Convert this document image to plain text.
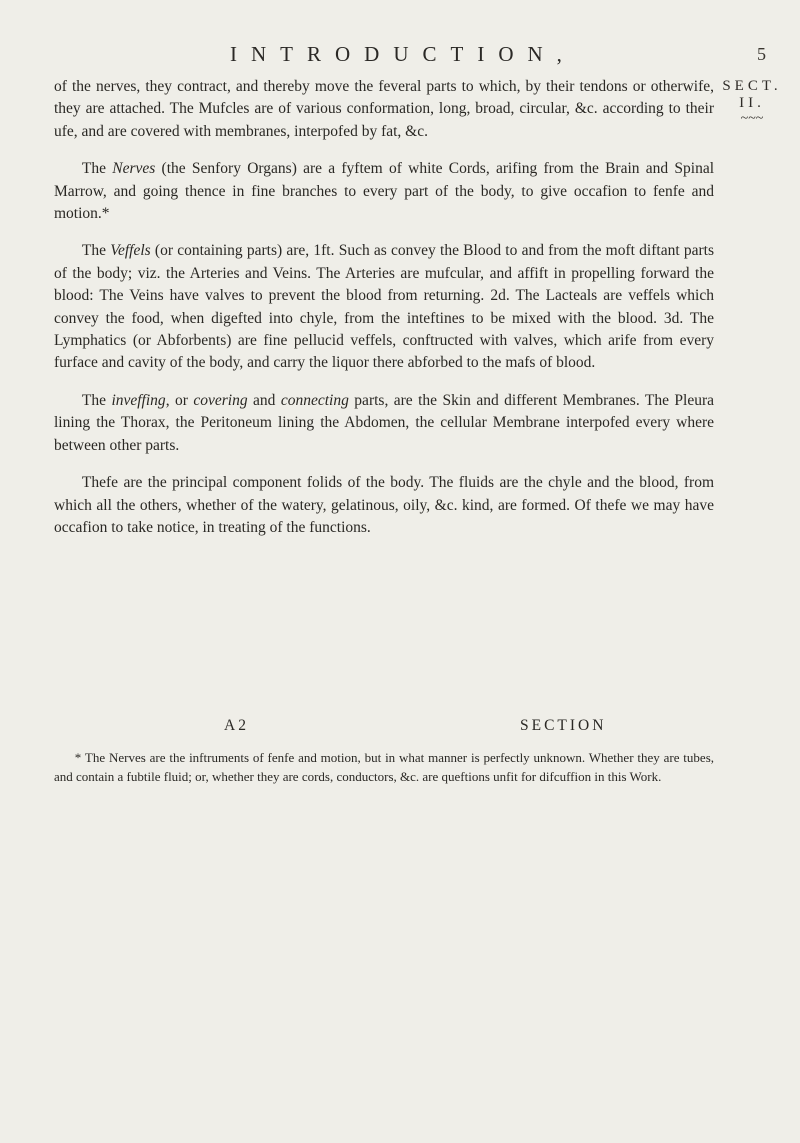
INTRODUCTION,	5
SECT.
II.
~~~

of the nerves, they contract, and thereby move the feveral parts to which, by their tendons or otherwife, they are attached. The Mufcles are of various conformation, long, broad, circular, &c. according to their ufe, and are covered with membranes, interpofed by fat, &c.

The Nerves (the Senfory Organs) are a fyftem of white Cords, arifing from the Brain and Spinal Marrow, and going thence in fine branches to every part of the body, to give occafion to fenfe and motion.*

The Veffels (or containing parts) are, 1ft. Such as convey the Blood to and from the moft diftant parts of the body; viz. the Arteries and Veins. The Arteries are mufcular, and affift in propelling forward the blood: The Veins have valves to prevent the blood from returning. 2d. The Lacteals are veffels which convey the food, when digefted into chyle, from the inteftines to be mixed with the blood. 3d. The Lymphatics (or Abforbents) are fine pellucid veffels, conftructed with valves, which arife from every furface and cavity of the body, and carry the liquor there abforbed to the mafs of blood.

The inveffing, or covering and connecting parts, are the Skin and different Membranes. The Pleura lining the Thorax, the Peritoneum lining the Abdomen, the cellular Membrane interpofed every where between other parts.

Thefe are the principal component folids of the body. The fluids are the chyle and the blood, from which all the others, whether of the watery, gelatinous, oily, &c. kind, are formed. Of thefe we may have occafion to take notice, in treating of the functions.

A 2	SECTION
* The Nerves are the inftruments of fenfe and motion, but in what manner is perfectly unknown. Whether they are tubes, and contain a fubtile fluid; or, whether they are cords, conductors, &c. are queftions unfit for difcuffion in this Work.
